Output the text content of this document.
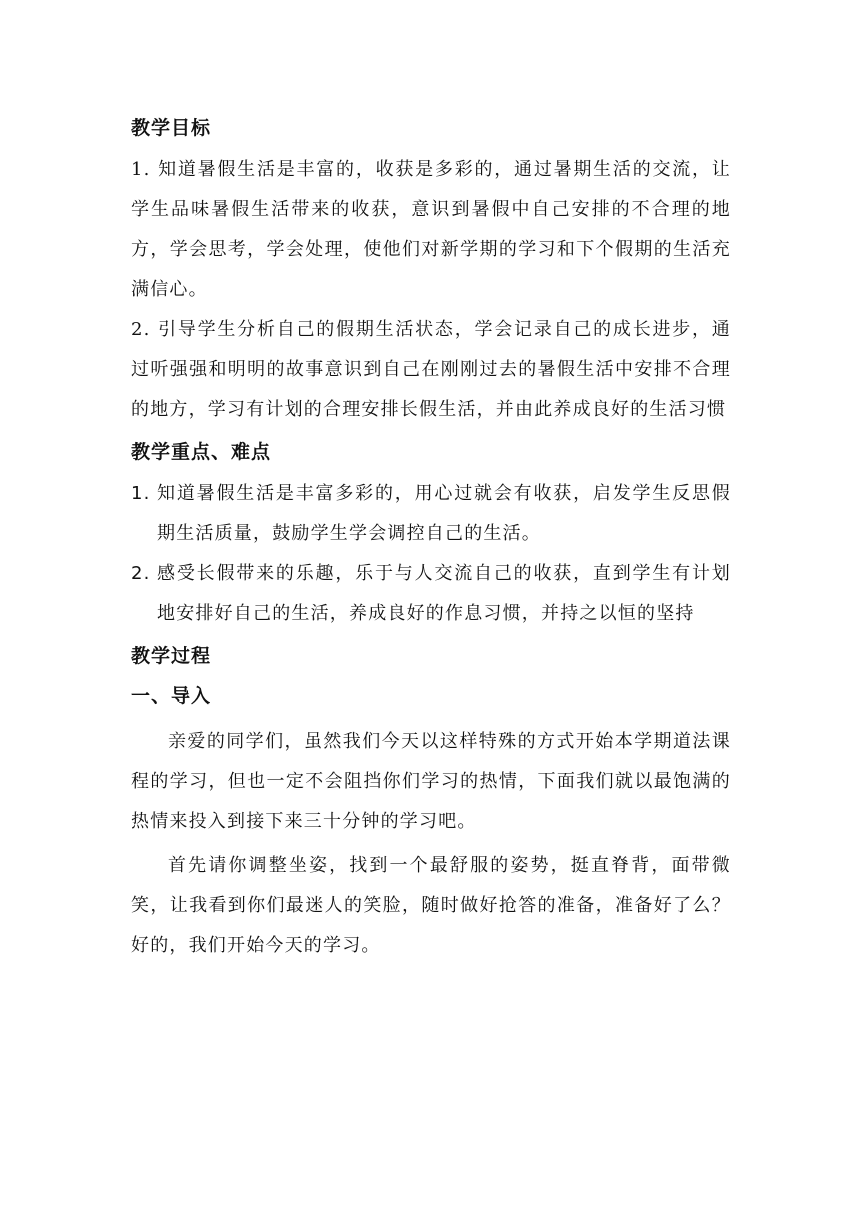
教学目标

1. 知道暑假生活是丰富的，收获是多彩的，通过暑期生活的交流，让学生品味暑假生活带来的收获，意识到暑假中自己安排的不合理的地方，学会思考，学会处理，使他们对新学期的学习和下个假期的生活充满信心。

2. 引导学生分析自己的假期生活状态，学会记录自己的成长进步，通过听强强和明明的故事意识到自己在刚刚过去的暑假生活中安排不合理的地方，学习有计划的合理安排长假生活，并由此养成良好的生活习惯

教学重点、难点
1. 知道暑假生活是丰富多彩的，用心过就会有收获，启发学生反思假期生活质量，鼓励学生学会调控自己的生活。
2. 感受长假带来的乐趣，乐于与人交流自己的收获，直到学生有计划地安排好自己的生活，养成良好的作息习惯，并持之以恒的坚持
教学过程
一、导入

亲爱的同学们，虽然我们今天以这样特殊的方式开始本学期道法课程的学习，但也一定不会阻挡你们学习的热情，下面我们就以最饱满的热情来投入到接下来三十分钟的学习吧。

首先请你调整坐姿，找到一个最舒服的姿势，挺直脊背，面带微笑，让我看到你们最迷人的笑脸，随时做好抢答的准备，准备好了么？好的，我们开始今天的学习。
